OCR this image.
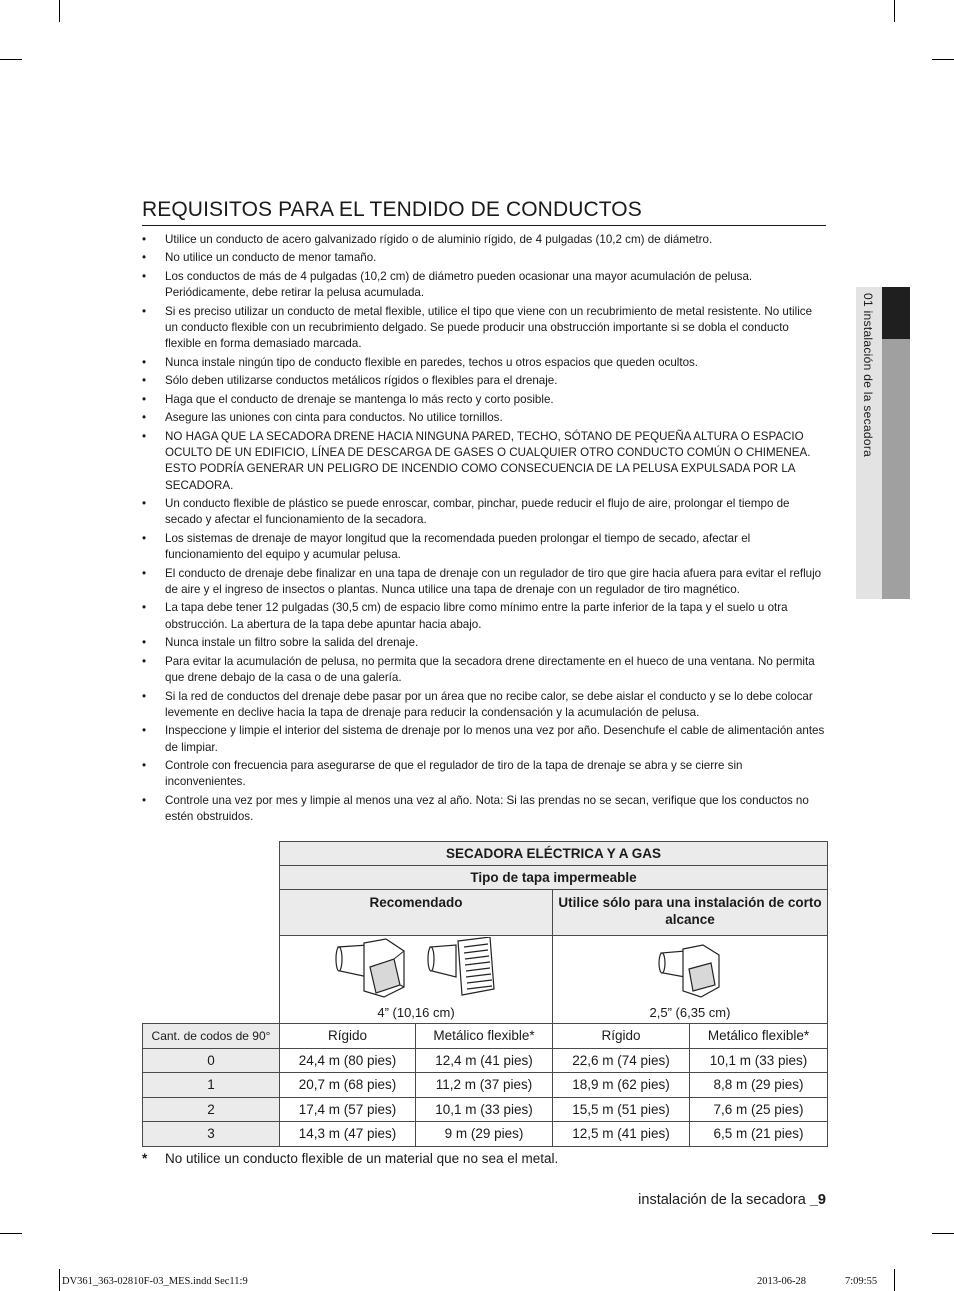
REQUISITOS PARA EL TENDIDO DE CONDUCTOS
• Utilice un conducto de acero galvanizado rígido o de aluminio rígido, de 4 pulgadas (10,2 cm) de diámetro.
• No utilice un conducto de menor tamaño.
• Los conductos de más de 4 pulgadas (10,2 cm) de diámetro pueden ocasionar una mayor acumulación de pelusa. Periódicamente, debe retirar la pelusa acumulada.
• Si es preciso utilizar un conducto de metal flexible, utilice el tipo que viene con un recubrimiento de metal resistente. No utilice un conducto flexible con un recubrimiento delgado. Se puede producir una obstrucción importante si se dobla el conducto flexible en forma demasiado marcada.
• Nunca instale ningún tipo de conducto flexible en paredes, techos u otros espacios que queden ocultos.
• Sólo deben utilizarse conductos metálicos rígidos o flexibles para el drenaje.
• Haga que el conducto de drenaje se mantenga lo más recto y corto posible.
• Asegure las uniones con cinta para conductos. No utilice tornillos.
• NO HAGA QUE LA SECADORA DRENE HACIA NINGUNA PARED, TECHO, SÓTANO DE PEQUEÑA ALTURA O ESPACIO OCULTO DE UN EDIFICIO, LÍNEA DE DESCARGA DE GASES O CUALQUIER OTRO CONDUCTO COMÚN O CHIMENEA. ESTO PODRÍA GENERAR UN PELIGRO DE INCENDIO COMO CONSECUENCIA DE LA PELUSA EXPULSADA POR LA SECADORA.
• Un conducto flexible de plástico se puede enroscar, combar, pinchar, puede reducir el flujo de aire, prolongar el tiempo de secado y afectar el funcionamiento de la secadora.
• Los sistemas de drenaje de mayor longitud que la recomendada pueden prolongar el tiempo de secado, afectar el funcionamiento del equipo y acumular pelusa.
• El conducto de drenaje debe finalizar en una tapa de drenaje con un regulador de tiro que gire hacia afuera para evitar el reflujo de aire y el ingreso de insectos o plantas. Nunca utilice una tapa de drenaje con un regulador de tiro magnético.
• La tapa debe tener 12 pulgadas (30,5 cm) de espacio libre como mínimo entre la parte inferior de la tapa y el suelo u otra obstrucción. La abertura de la tapa debe apuntar hacia abajo.
• Nunca instale un filtro sobre la salida del drenaje.
• Para evitar la acumulación de pelusa, no permita que la secadora drene directamente en el hueco de una ventana. No permita que drene debajo de la casa o de una galería.
• Si la red de conductos del drenaje debe pasar por un área que no recibe calor, se debe aislar el conducto y se lo debe colocar levemente en declive hacia la tapa de drenaje para reducir la condensación y la acumulación de pelusa.
• Inspeccione y limpie el interior del sistema de drenaje por lo menos una vez por año. Desenchufe el cable de alimentación antes de limpiar.
• Controle con frecuencia para asegurarse de que el regulador de tiro de la tapa de drenaje se abra y se cierre sin inconvenientes.
• Controle una vez por mes y limpie al menos una vez al año. Nota: Si las prendas no se secan, verifique que los conductos no estén obstruidos.
01 instalación de la secadora
	SECADORA ELÉCTRICA Y A GAS			
	Tipo de tapa impermeable			
	Recomendado		Utilice sólo para una instalación de corto alcance	

4” (10,16 cm)		2,5” (6,35 cm)	
Cant. de codos de 90°	Rígido	Metálico flexible*	Rígido	Metálico flexible*
0	24,4 m (80 pies)	12,4 m (41 pies)	22,6 m (74 pies)	10,1 m (33 pies)
1	20,7 m (68 pies)	11,2 m (37 pies)	18,9 m (62 pies)	8,8 m (29 pies)
2	17,4 m (57 pies)	10,1 m (33 pies)	15,5 m (51 pies)	7,6 m (25 pies)
3	14,3 m (47 pies)	9 m (29 pies)	12,5 m (41 pies)	6,5 m (21 pies)
* No utilice un conducto flexible de un material que no sea el metal.
instalación de la secadora _9
DV361_363-02810F-03_MES.indd Sec11:9	2013-06-28	7:09:55
